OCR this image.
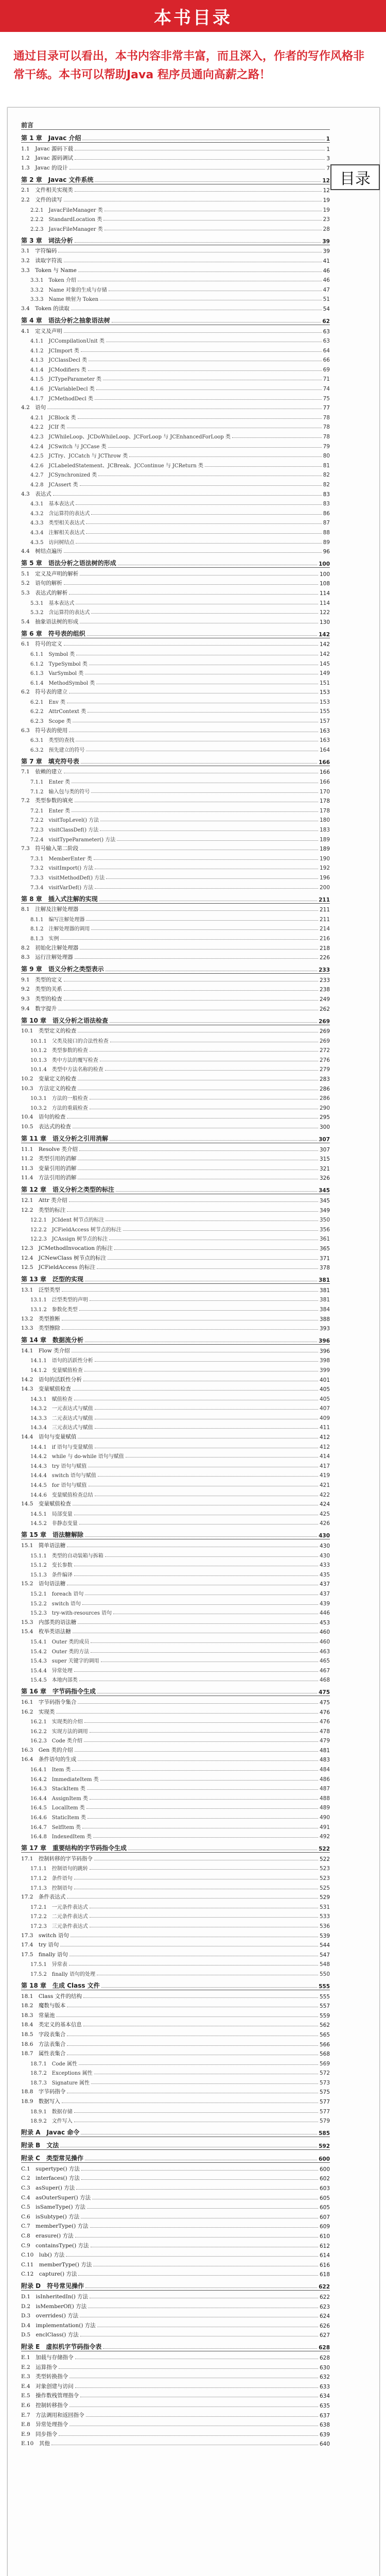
本书目录
通过目录可以看出，本书内容非常丰富，而且深入，作者的写作风格非常干练。本书可以帮助Java 程序员通向高薪之路！
目录
前言
第 1 章　Javac 介绍	1
1.1　Javac 源码下载	1
1.2　Javac 源码调试	3
1.3　Javac 的设计	7
第 2 章　Javac 文件系统	12
2.1　文件相关实现类	12
2.2　文件的读写	19
2.2.1　JavacFileManager 类	19
2.2.2　StandardLocation 类	23
2.2.3　JavacFileManager 类	28
第 3 章　词法分析	39
3.1　字符编码	39
3.2　读取字符流	41
3.3　Token 与 Name	46
3.3.1　Token 介绍	46
3.3.2　Name 对象的生成与存储	47
3.3.3　Name 映射为 Token	51
3.4　Token 的读取	54
第 4 章　语法分析之抽象语法树	62
4.1　定义及声明	63
4.1.1　JCCompilationUnit 类	63
4.1.2　JCImport 类	64
4.1.3　JCClassDecl 类	66
4.1.4　JCModifiers 类	69
4.1.5　JCTypeParameter 类	71
4.1.6　JCVariableDecl 类	74
4.1.7　JCMethodDecl 类	75
4.2　语句	77
4.2.1　JCBlock 类	78
4.2.2　JCIf 类	78
4.2.3　JCWhileLoop、JCDoWhileLoop、JCForLoop 与 JCEnhancedForLoop 类	78
4.2.4　JCSwitch 与 JCCase 类	79
4.2.5　JCTry、JCCatch 与 JCThrow 类	80
4.2.6　JCLabeledStatement、JCBreak、JCContinue 与 JCReturn 类	81
4.2.7　JCSynchronized 类	82
4.2.8　JCAssert 类	82
4.3　表达式	83
4.3.1　基本表达式	83
4.3.2　含运算符的表达式	86
4.3.3　类型相关表达式	87
4.3.4　注解相关表达式	88
4.3.5　访问树结点	89
4.4　树结点遍历	96
第 5 章　语法分析之语法树的形成	100
5.1　定义及声明的解析	100
5.2　语句的解析	108
5.3　表达式的解析	114
5.3.1　基本表达式	114
5.3.2　含运算符的表达式	122
5.4　抽象语法树的形成	130
第 6 章　符号表的组织	142
6.1　符号的定义	142
6.1.1　Symbol 类	142
6.1.2　TypeSymbol 类	145
6.1.3　VarSymbol 类	149
6.1.4　MethodSymbol 类	151
6.2　符号表的建立	153
6.2.1　Env 类	153
6.2.2　AttrContext 类	155
6.2.3　Scope 类	157
6.3　符号表的使用	163
6.3.1　类型的查找	163
6.3.2　预先建立的符号	164
第 7 章　填充符号表	166
7.1　依赖的建立	166
7.1.1　Enter 类	166
7.1.2　输入包与类的符号	170
7.2　类型参数的填充	178
7.2.1　Enter 类	178
7.2.2　visitTopLevel() 方法	180
7.2.3　visitClassDef() 方法	183
7.2.4　visitTypeParameter() 方法	189
7.3　符号输入第二阶段	189
7.3.1　MemberEnter 类	190
7.3.2　visitImport() 方法	192
7.3.3　visitMethodDef() 方法	196
7.3.4　visitVarDef() 方法	200
第 8 章　插入式注解的实现	211
8.1　注解及注解处理器	211
8.1.1　编写注解处理器	211
8.1.2　注解处理器的调用	214
8.1.3　实例	216
8.2　初始化注解处理器	218
8.3　运行注解处理器	226
第 9 章　语义分析之类型表示	233
9.1　类型的定义	233
9.2　类型的关系	238
9.3　类型的检查	249
9.4　数字提升	262
第 10 章　语义分析之语法检查	269
10.1　类型定义的检查	269
10.1.1　父类及接口的合法性检查	269
10.1.2　类型参数的检查	272
10.1.3　类中方法的覆写检查	276
10.1.4　类型中方法名称的检查	279
10.2　变量定义的检查	283
10.3　方法定义的检查	286
10.3.1　方法的一般检查	286
10.3.2　方法的重载检查	290
10.4　语句的检查	295
10.5　表达式的检查	300
第 11 章　语义分析之引用消解	307
11.1　Resolve 类介绍	307
11.2　类型引用的消解	315
11.3　变量引用的消解	321
11.4　方法引用的消解	326
第 12 章　语义分析之类型的标注	345
12.1　Attr 类介绍	345
12.2　类型的标注	349
12.2.1　JCIdent 树节点的标注	350
12.2.2　JCFieldAccess 树节点的标注	356
12.2.3　JCAssign 树节点的标注	361
12.3　JCMethodInvocation 的标注	365
12.4　JCNewClass 树节点的标注	371
12.5　JCFieldAccess 的标注	378
第 13 章　泛型的实现	381
13.1　泛型类型	381
13.1.1　泛型类型的声明	381
13.1.2　参数化类型	384
13.2　类型推断	388
13.3　类型擦除	393
第 14 章　数据流分析	396
14.1　Flow 类介绍	396
14.1.1　语句的活跃性分析	398
14.1.2　变量赋值检查	399
14.2　语句的活跃性分析	401
14.3　变量赋值检查	405
14.3.1　赋值检查	405
14.3.2　一元表达式与赋值	407
14.3.3　二元表达式与赋值	409
14.3.4　三元表达式与赋值	411
14.4　语句与变量赋值	412
14.4.1　if 语句与变量赋值	412
14.4.2　while 与 do-while 语句与赋值	414
14.4.3　try 语句与赋值	417
14.4.4　switch 语句与赋值	419
14.4.5　for 语句与赋值	421
14.4.6　变量赋值检查总结	422
14.5　变量赋值检查	424
14.5.1　局部变量	425
14.5.2　非静态变量	426
第 15 章　语法糖解除	430
15.1　简单语法糖	430
15.1.1　类型的自动装箱与拆箱	430
15.1.2　变长参数	433
15.1.3　条件编译	435
15.2　语句语法糖	437
15.2.1　foreach 语句	437
15.2.2　switch 语句	439
15.2.3　try-with-resources 语句	446
15.3　内部类的语法糖	453
15.4　枚举类语法糖	460
15.4.1　Outer 类的成员	460
15.4.2　Outer 类的方法	463
15.4.3　super 关键字的调用	465
15.4.4　异常处理	467
15.4.5　本地内部类	468
第 16 章　字节码指令生成	475
16.1　字节码指令集合	475
16.2　实现类	476
16.2.1　实现类的介绍	476
16.2.2　实现方法的调用	478
16.2.3　Code 类介绍	479
16.3　Gen 类的介绍	481
16.4　条件语句的生成	483
16.4.1　Item 类	484
16.4.2　ImmediateItem 类	486
16.4.3　StackItem 类	487
16.4.4　AssignItem 类	488
16.4.5　LocalItem 类	489
16.4.6　StaticItem 类	490
16.4.7　SelfItem 类	491
16.4.8　IndexedItem 类	492
第 17 章　重要结构的字节码指令生成	522
17.1　控制转移的字节码指令	522
17.1.1　控制语句的跳转	523
17.1.2　条件语句	523
17.1.3　控制语句	525
17.2　条件表达式	529
17.2.1　一元条件表达式	531
17.2.2　二元条件表达式	533
17.2.3　三元条件表达式	536
17.3　switch 语句	539
17.4　try 语句	544
17.5　finally 语句	547
17.5.1　异常表	548
17.5.2　finally 语句的处理	550
第 18 章　生成 Class 文件	555
18.1　Class 文件的结构	555
18.2　魔数与版本	557
18.3　常量池	559
18.4　类定义的基本信息	562
18.5　字段表集合	565
18.6　方法表集合	566
18.7　属性表集合	568
18.7.1　Code 属性	569
18.7.2　Exceptions 属性	572
18.7.3　Signature 属性	573
18.8　字节码指令	575
18.9　数据写入	577
18.9.1　数据存储	577
18.9.2　文件写入	579
附录 A　Javac 命令	585
附录 B　文法	592
附录 C　类型常见操作	600
C.1　supertype() 方法	600
C.2　interfaces() 方法	602
C.3　asSuper() 方法	603
C.4　asOuterSuper() 方法	605
C.5　isSameType() 方法	605
C.6　isSubtype() 方法	607
C.7　memberType() 方法	609
C.8　erasure() 方法	610
C.9　containsType() 方法	612
C.10　lub() 方法	614
C.11　memberType() 方法	616
C.12　capture() 方法	618
附录 D　符号常见操作	622
D.1　isInheritedIn() 方法	622
D.2　isMemberOf() 方法	623
D.3　overrides() 方法	624
D.4　implementation() 方法	626
D.5　enclClass() 方法	627
附录 E　虚拟机字节码指令表	628
E.1　加载与存储指令	628
E.2　运算指令	630
E.3　类型转换指令	632
E.4　对象创建与访问	633
E.5　操作数栈管理指令	634
E.6　控制转移指令	635
E.7　方法调用和返回指令	637
E.8　异常处理指令	638
E.9　同步指令	639
E.10　其他	640
